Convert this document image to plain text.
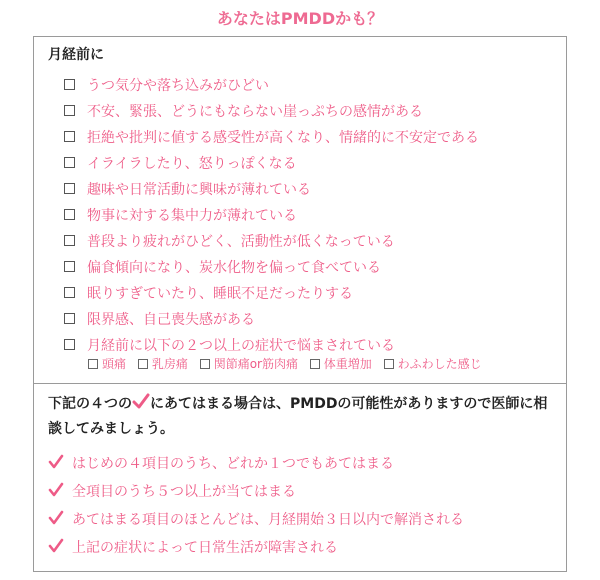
あなたはPMDDかも？
月経前に
うつ気分や落ち込みがひどい
不安、緊張、どうにもならない崖っぷちの感情がある
拒絶や批判に値する感受性が高くなり、情緒的に不安定である
イライラしたり、怒りっぽくなる
趣味や日常活動に興味が薄れている
物事に対する集中力が薄れている
普段より疲れがひどく、活動性が低くなっている
偏食傾向になり、炭水化物を偏って食べている
眠りすぎていたり、睡眠不足だったりする
限界感、自己喪失感がある
月経前に以下の２つ以上の症状で悩まされている
頭痛 乳房痛 関節痛or筋肉痛 体重増加 わふわした感じ
下記の４つの にあてはまる場合は、PMDDの可能性がありますので医師に相談してみましょう。
はじめの４項目のうち、どれか１つでもあてはまる
全項目のうち５つ以上が当てはまる
あてはまる項目のほとんどは、月経開始３日以内で解消される
上記の症状によって日常生活が障害される
